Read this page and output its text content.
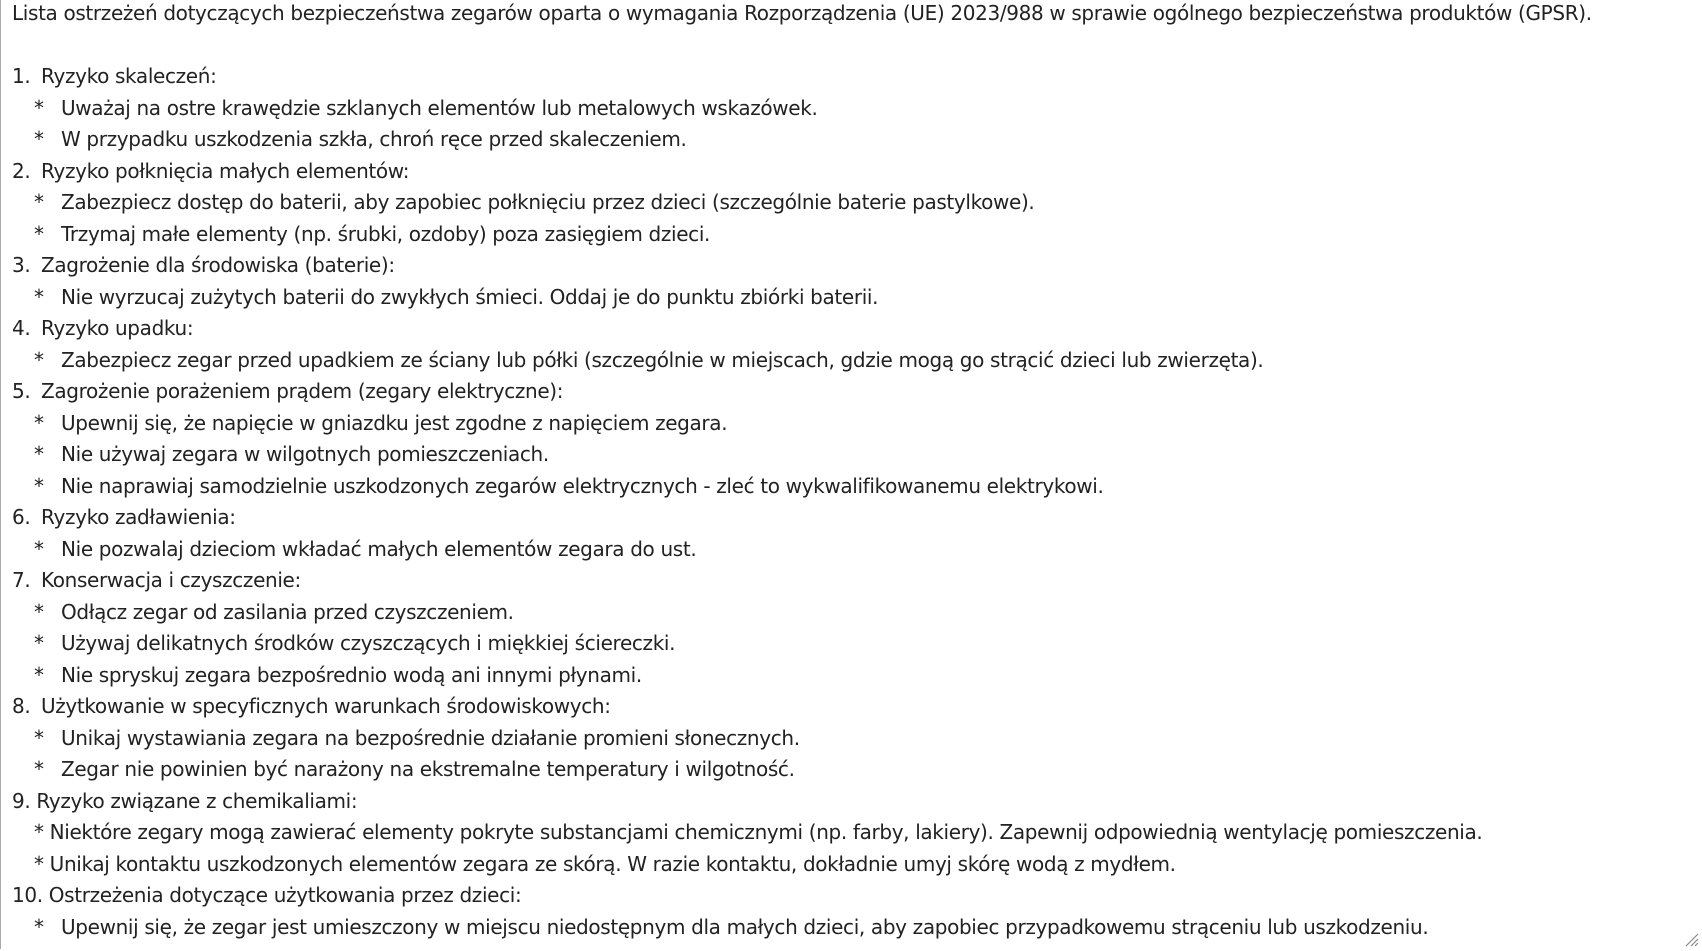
Lista ostrzeżeń dotyczących bezpieczeństwa zegarów oparta o wymagania Rozporządzenia (UE) 2023/988 w sprawie ogólnego bezpieczeństwa produktów (GPSR).
1. Ryzyko skaleczeń:
* Uważaj na ostre krawędzie szklanych elementów lub metalowych wskazówek.
* W przypadku uszkodzenia szkła, chroń ręce przed skaleczeniem.
2. Ryzyko połknięcia małych elementów:
* Zabezpiecz dostęp do baterii, aby zapobiec połknięciu przez dzieci (szczególnie baterie pastylkowe).
* Trzymaj małe elementy (np. śrubki, ozdoby) poza zasięgiem dzieci.
3. Zagrożenie dla środowiska (baterie):
* Nie wyrzucaj zużytych baterii do zwykłych śmieci. Oddaj je do punktu zbiórki baterii.
4. Ryzyko upadku:
* Zabezpiecz zegar przed upadkiem ze ściany lub półki (szczególnie w miejscach, gdzie mogą go strącić dzieci lub zwierzęta).
5. Zagrożenie porażeniem prądem (zegary elektryczne):
* Upewnij się, że napięcie w gniazdku jest zgodne z napięciem zegara.
* Nie używaj zegara w wilgotnych pomieszczeniach.
* Nie naprawiaj samodzielnie uszkodzonych zegarów elektrycznych - zleć to wykwalifikowanemu elektrykowi.
6. Ryzyko zadławienia:
* Nie pozwalaj dzieciom wkładać małych elementów zegara do ust.
7. Konserwacja i czyszczenie:
* Odłącz zegar od zasilania przed czyszczeniem.
* Używaj delikatnych środków czyszczących i miękkiej ściereczki.
* Nie spryskuj zegara bezpośrednio wodą ani innymi płynami.
8. Użytkowanie w specyficznych warunkach środowiskowych:
* Unikaj wystawiania zegara na bezpośrednie działanie promieni słonecznych.
* Zegar nie powinien być narażony na ekstremalne temperatury i wilgotność.
9. Ryzyko związane z chemikaliami:
* Niektóre zegary mogą zawierać elementy pokryte substancjami chemicznymi (np. farby, lakiery). Zapewnij odpowiednią wentylację pomieszczenia.
* Unikaj kontaktu uszkodzonych elementów zegara ze skórą. W razie kontaktu, dokładnie umyj skórę wodą z mydłem.
10. Ostrzeżenia dotyczące użytkowania przez dzieci:
* Upewnij się, że zegar jest umieszczony w miejscu niedostępnym dla małych dzieci, aby zapobiec przypadkowemu strąceniu lub uszkodzeniu.
